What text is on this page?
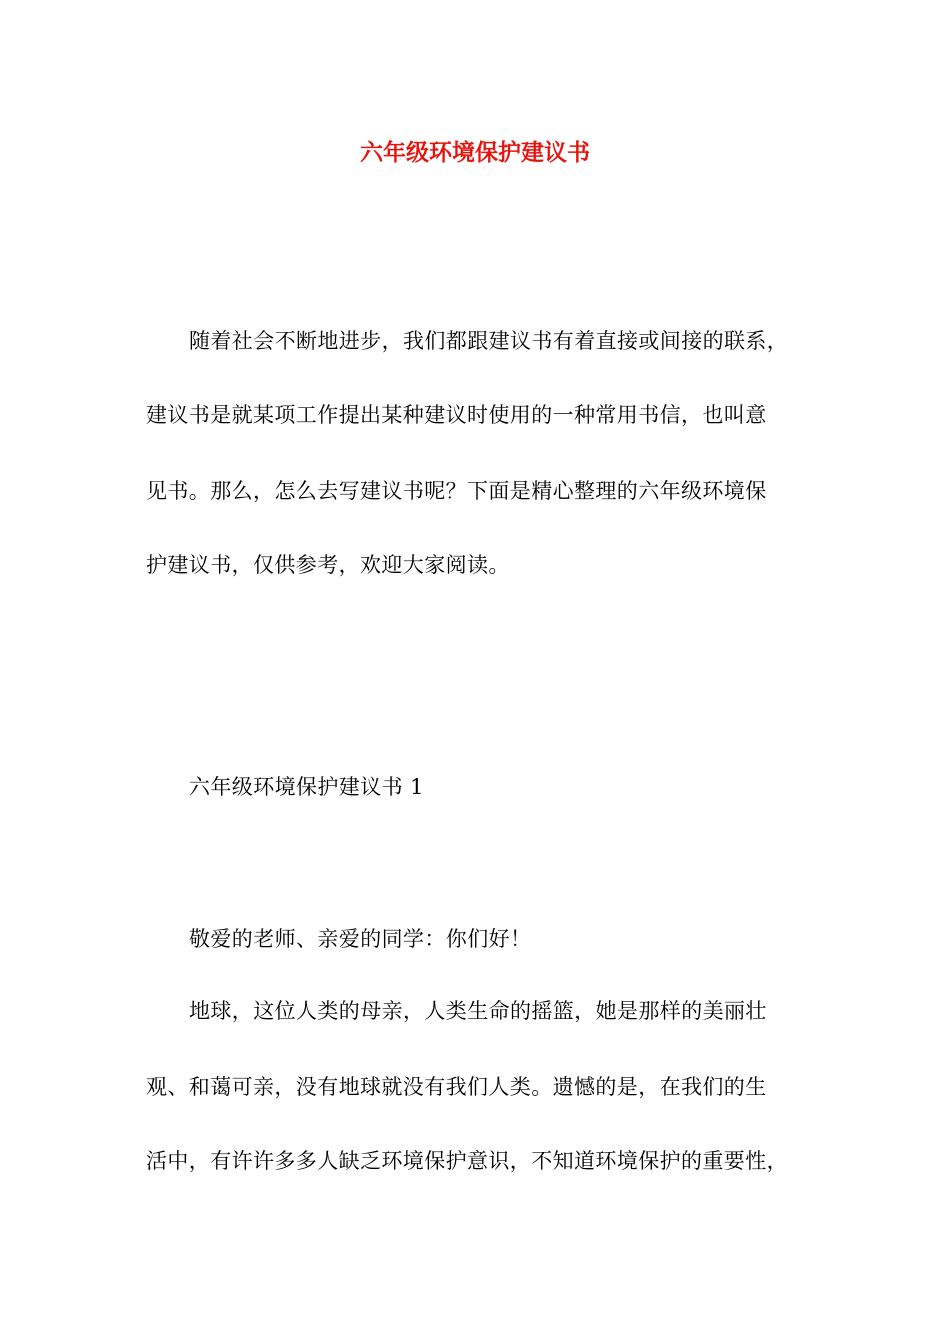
六年级环境保护建议书
随着社会不断地进步，我们都跟建议书有着直接或间接的联系，
建议书是就某项工作提出某种建议时使用的一种常用书信，也叫意
见书。那么，怎么去写建议书呢？下面是精心整理的六年级环境保
护建议书，仅供参考，欢迎大家阅读。
六年级环境保护建议书 1
敬爱的老师、亲爱的同学：你们好！
地球，这位人类的母亲，人类生命的摇篮，她是那样的美丽壮
观、和蔼可亲，没有地球就没有我们人类。遗憾的是，在我们的生
活中，有许许多多人缺乏环境保护意识，不知道环境保护的重要性，
